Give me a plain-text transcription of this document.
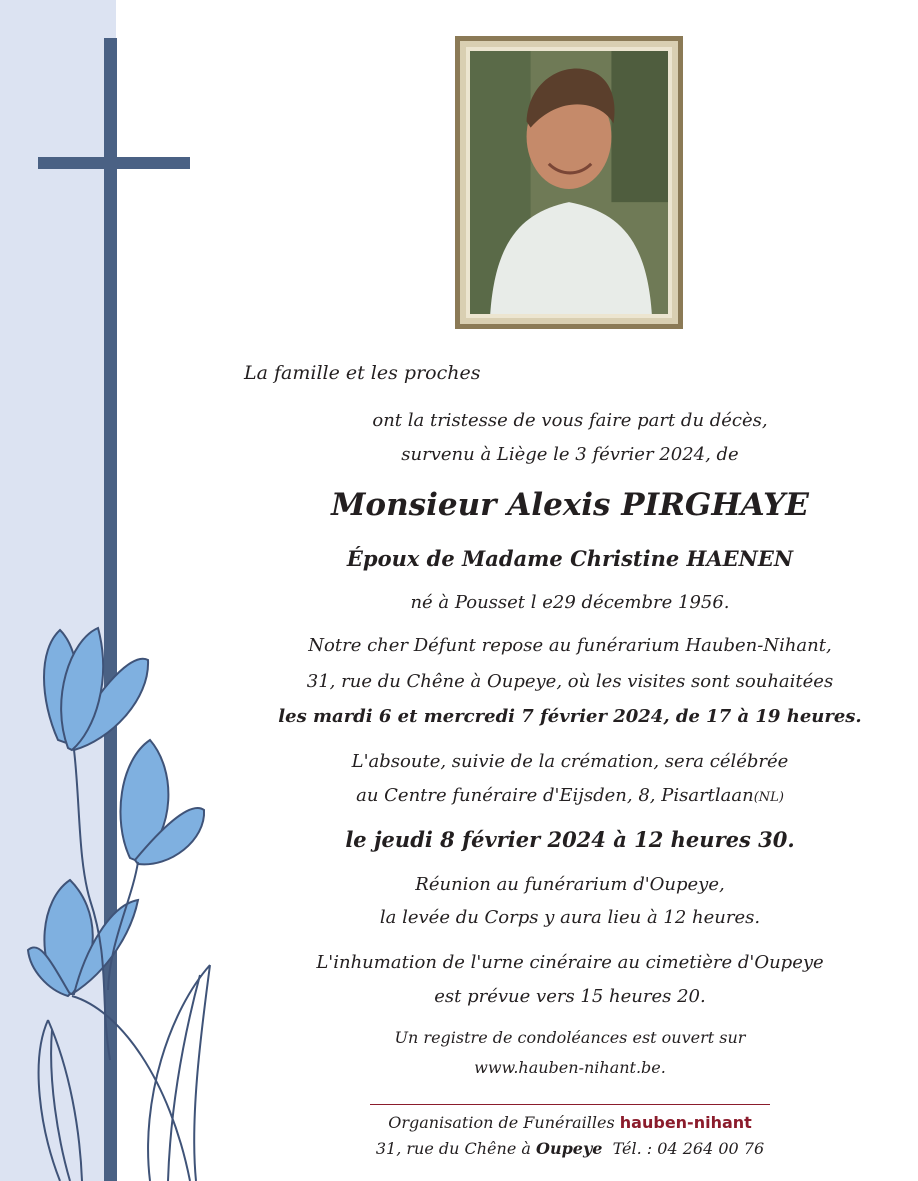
La famille et les proches
ont la tristesse de vous faire part du décès,
survenu à Liège le 3 février 2024, de
Monsieur Alexis PIRGHAYE
Époux de Madame Christine HAENEN
né à Pousset l e29 décembre 1956.
Notre cher Défunt repose au funérarium Hauben-Nihant,
31, rue du Chêne à Oupeye, où les visites sont souhaitées
les mardi 6 et mercredi 7 février 2024, de 17 à 19 heures.
L'absoute, suivie de la crémation, sera célébrée
au Centre funéraire d'Eijsden, 8, Pisartlaan(NL)
le jeudi 8 février 2024 à 12 heures 30.
Réunion au funérarium d'Oupeye,
la levée du Corps y aura lieu à 12 heures.
L'inhumation de l'urne cinéraire au cimetière d'Oupeye
est prévue vers 15 heures 20.
Un registre de condoléances est ouvert sur
www.hauben-nihant.be.
Organisation de Funérailles hauben-nihant
31, rue du Chêne à Oupeye Tél. : 04 264 00 76
